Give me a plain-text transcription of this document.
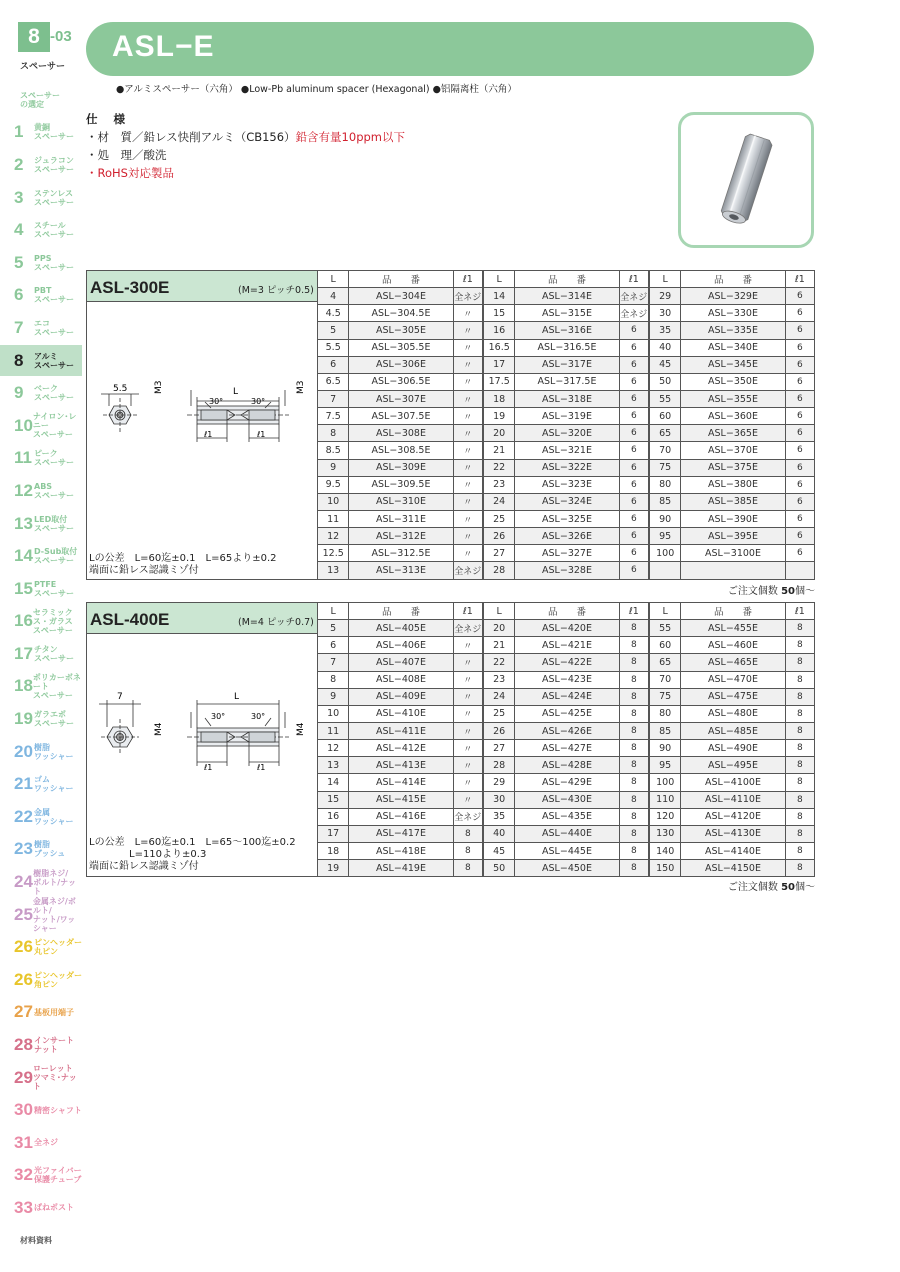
8 -03
スペーサー
スペーサー
の選定
1	黄銅
スペーサー
2	ジュラコン
スペーサー
3	ステンレス
スペーサー
4	スチール
スペーサー
5	PPS
スペーサー
6	PBT
スペーサー
7	エコ
スペーサー
8	アルミ
スペーサー
9	ベーク
スペーサー
10 ナイロン･レニー
スペーサー
11 ピーク
スペーサー
12 ABS
スペーサー
13 LED取付
スペーサー
14 D-Sub取付
スペーサー
15 PTFE
スペーサー
16 セラミックス・ガラス
スペーサー
17 チタン
スペーサー
18 ポリカーボネート
スペーサー
19 ガラエポ
スペーサー
20 樹脂
ワッシャー
21 ゴム
ワッシャー
22 金属
ワッシャー
23 樹脂
ブッシュ
24 樹脂ネジ/
ボルト/ナット
25
金属ネジ/ボルト/
ナット/ワッシャー
26 ピンヘッダー
丸ピン
26 ピンヘッダー
角ピン
27 基板用端子
28 インサート
ナット
29 ローレット
ツマミ･ナット
30 精密シャフト
31 全ネジ
32 光ファイバー
保護チューブ
33 ばねポスト
材料資料
ASL−E
●アルミスペーサー（六角） ●Low-Pb aluminum spacer (Hexagonal) ●铝隔离柱（六角）
仕 様
・材　質／鉛レス快削アルミ（CB156）鉛含有量10ppm以下
・処　理／酸洗
・RoHS対応製品
ASL-300E	(M=3 ピッチ0.5)
5.5	M3	M3
L
30°	30°
ℓ1	ℓ1
Lの公差　L=60迄±0.1　L=65より±0.2
端面に鉛レス認識ミゾ付
L	品　　番	ℓ1
4	ASL−304E	全ネジ
4.5	ASL−304.5E	〃
5	ASL−305E	〃
5.5	ASL−305.5E	〃
6	ASL−306E	〃
6.5	ASL−306.5E	〃
7	ASL−307E	〃
7.5	ASL−307.5E	〃
8	ASL−308E	〃
8.5	ASL−308.5E	〃
9	ASL−309E	〃
9.5	ASL−309.5E	〃
10	ASL−310E	〃
11	ASL−311E	〃
12	ASL−312E	〃
12.5	ASL−312.5E	〃
13	ASL−313E	全ネジ
L	品　　番	ℓ1
14	ASL−314E	全ネジ
15	ASL−315E	全ネジ
16	ASL−316E	6
16.5	ASL−316.5E	6
17	ASL−317E	6
17.5	ASL−317.5E	6
18	ASL−318E	6
19	ASL−319E	6
20	ASL−320E	6
21	ASL−321E	6
22	ASL−322E	6
23	ASL−323E	6
24	ASL−324E	6
25	ASL−325E	6
26	ASL−326E	6
27	ASL−327E	6
28	ASL−328E	6
L	品　　番	ℓ1
29	ASL−329E	6
30	ASL−330E	6
35	ASL−335E	6
40	ASL−340E	6
45	ASL−345E	6
50	ASL−350E	6
55	ASL−355E	6
60	ASL−360E	6
65	ASL−365E	6
70	ASL−370E	6
75	ASL−375E	6
80	ASL−380E	6
85	ASL−385E	6
90	ASL−390E	6
95	ASL−395E	6
100	ASL−3100E	6

ご注文個数 50個〜
ASL-400E	(M=4 ピッチ0.7)
7
M4	M4
L
30°	30°
ℓ1	ℓ1
Lの公差　L=60迄±0.1　L=65〜100迄±0.2
　　　　L=110より±0.3
端面に鉛レス認識ミゾ付
L	品　　番	ℓ1
5	ASL−405E	全ネジ
6	ASL−406E	〃
7	ASL−407E	〃
8	ASL−408E	〃
9	ASL−409E	〃
10	ASL−410E	〃
11	ASL−411E	〃
12	ASL−412E	〃
13	ASL−413E	〃
14	ASL−414E	〃
15	ASL−415E	〃
16	ASL−416E	全ネジ
17	ASL−417E	8
18	ASL−418E	8
19	ASL−419E	8
L	品　　番	ℓ1
20	ASL−420E	8
21	ASL−421E	8
22	ASL−422E	8
23	ASL−423E	8
24	ASL−424E	8
25	ASL−425E	8
26	ASL−426E	8
27	ASL−427E	8
28	ASL−428E	8
29	ASL−429E	8
30	ASL−430E	8
35	ASL−435E	8
40	ASL−440E	8
45	ASL−445E	8
50	ASL−450E	8
L	品　　番	ℓ1
55	ASL−455E	8
60	ASL−460E	8
65	ASL−465E	8
70	ASL−470E	8
75	ASL−475E	8
80	ASL−480E	8
85	ASL−485E	8
90	ASL−490E	8
95	ASL−495E	8
100	ASL−4100E	8
110	ASL−4110E	8
120	ASL−4120E	8
130	ASL−4130E	8
140	ASL−4140E	8
150	ASL−4150E	8
ご注文個数 50個〜
